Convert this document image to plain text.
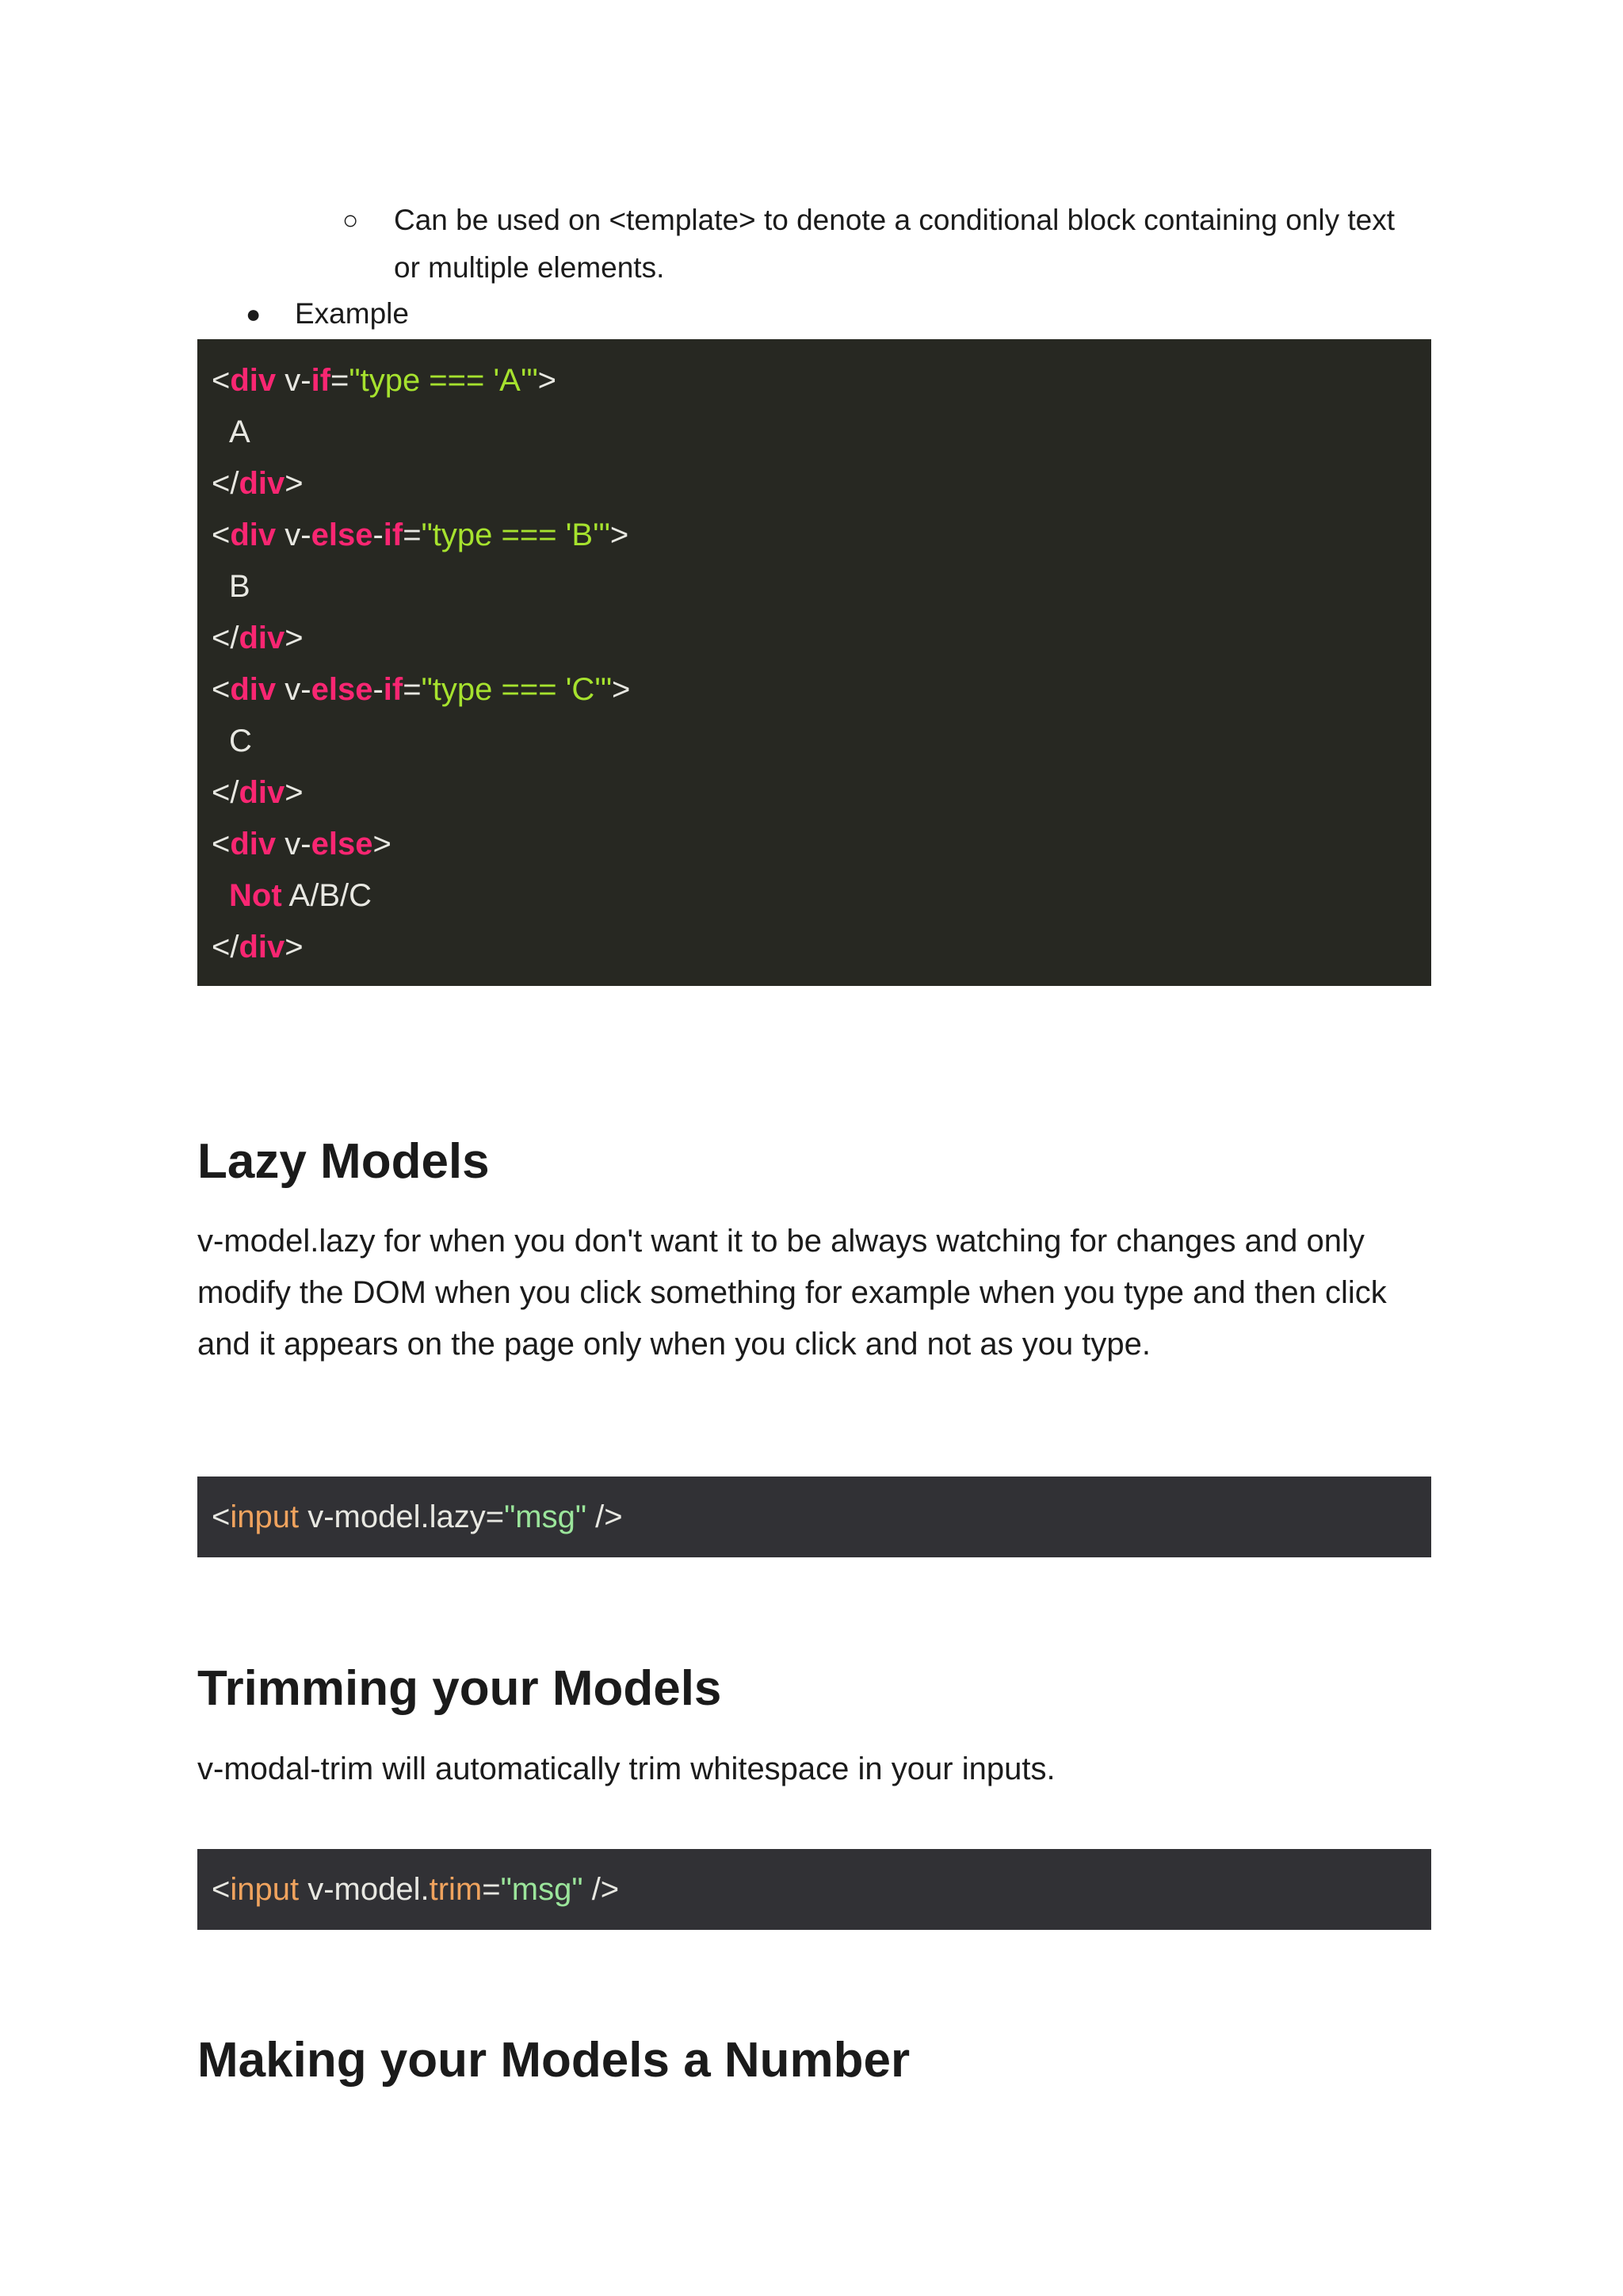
○ Can be used on <template> to denote a conditional block containing only text or multiple elements.
● Example
<div v-if="type === 'A'">
A
</div>
<div v-else-if="type === 'B'">
B
</div>
<div v-else-if="type === 'C'">
C
</div>
<div v-else>
Not A/B/C
</div>
Lazy Models

v-model.lazy for when you don't want it to be always watching for changes and only modify the DOM when you click something for example when you type and then click and it appears on the page only when you click and not as you type.

<input v-model.lazy="msg" />
Trimming your Models

v-modal-trim will automatically trim whitespace in your inputs.

<input v-model.trim="msg" />
Making your Models a Number
